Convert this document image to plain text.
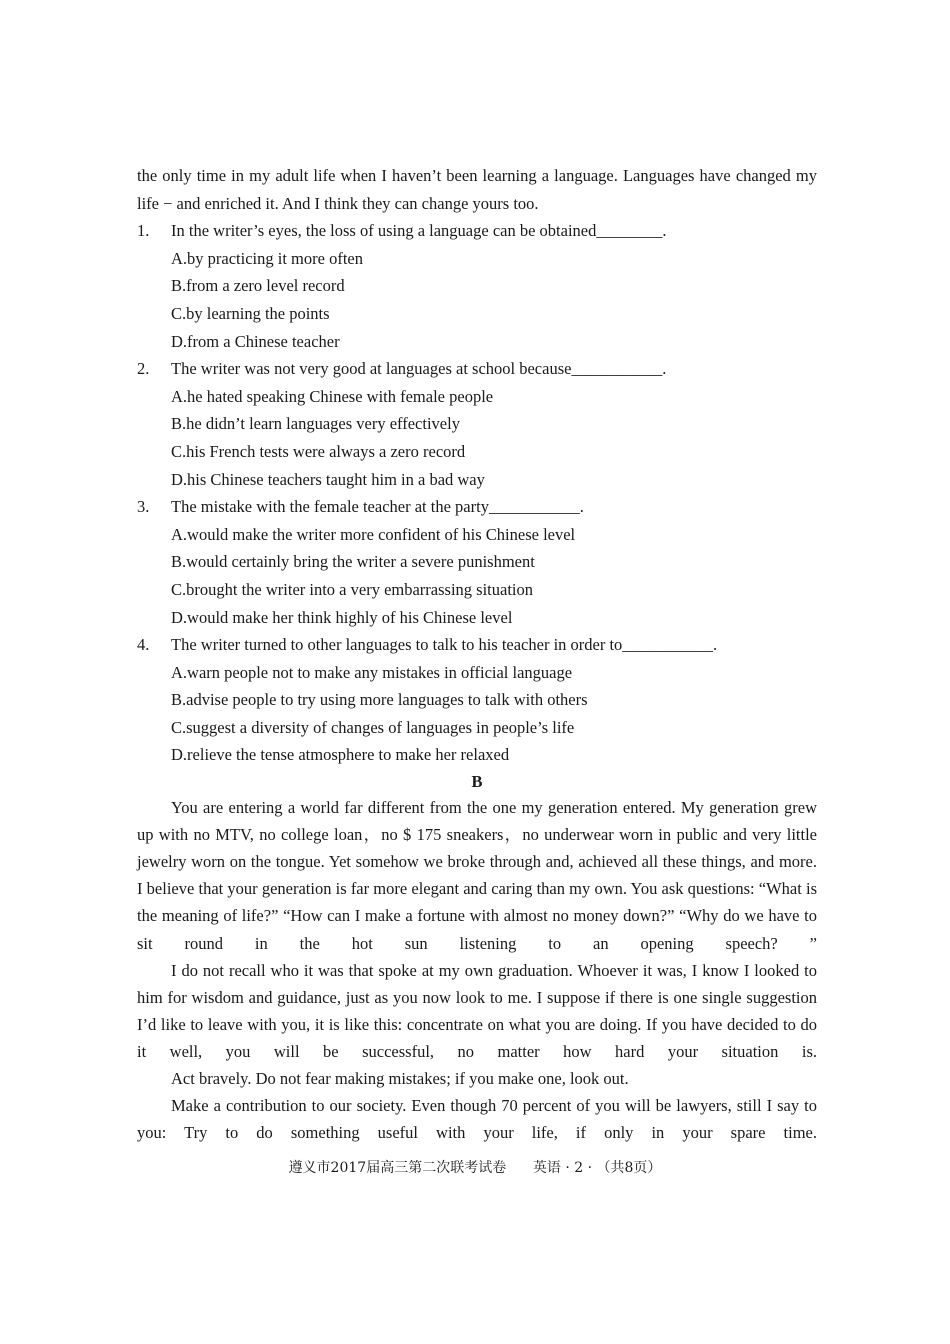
the only time in my adult life when I haven’t been learning a language. Languages have changed my
life − and enriched it. And I think they can change yours too.
1.	In the writer’s eyes, the loss of using a language can be obtained________.
A.by practicing it more often
B.from a zero level record
C.by learning the points
D.from a Chinese teacher
2.	The writer was not very good at languages at school because___________.
A.he hated speaking Chinese with female people
B.he didn’t learn languages very effectively
C.his French tests were always a zero record
D.his Chinese teachers taught him in a bad way
3.	The mistake with the female teacher at the party___________.
A.would make the writer more confident of his Chinese level
B.would certainly bring the writer a severe punishment
C.brought the writer into a very embarrassing situation
D.would make her think highly of his Chinese level
4.	The writer turned to other languages to talk to his teacher in order to___________.
A.warn people not to make any mistakes in official language
B.advise people to try using more languages to talk with others
C.suggest a diversity of changes of languages in people’s life
D.relieve the tense atmosphere to make her relaxed
B

You are entering a world far different from the one my generation entered. My generation grew up with no MTV, no college loan，no $ 175 sneakers，no underwear worn in public and very little jewelry worn on the tongue. Yet somehow we broke through and, achieved all these things, and more. I believe that your generation is far more elegant and caring than my own. You ask questions: “What is the meaning of life?” “How can I make a fortune with almost no money down?” “Why do we have to sit round in the hot sun listening to an opening speech? ”

I do not recall who it was that spoke at my own graduation. Whoever it was, I know I looked to him for wisdom and guidance, just as you now look to me. I suppose if there is one single suggestion I’d like to leave with you, it is like this: concentrate on what you are doing. If you have decided to do it well, you will be successful, no matter how hard your situation is.

Act bravely. Do not fear making mistakes; if you make one, look out.

Make a contribution to our society. Even though 70 percent of you will be lawyers, still I say to you: Try to do something useful with your life, if only in your spare time.

遵义市2017届高三第二次联考试卷 英语 · 2 · （共8页）
